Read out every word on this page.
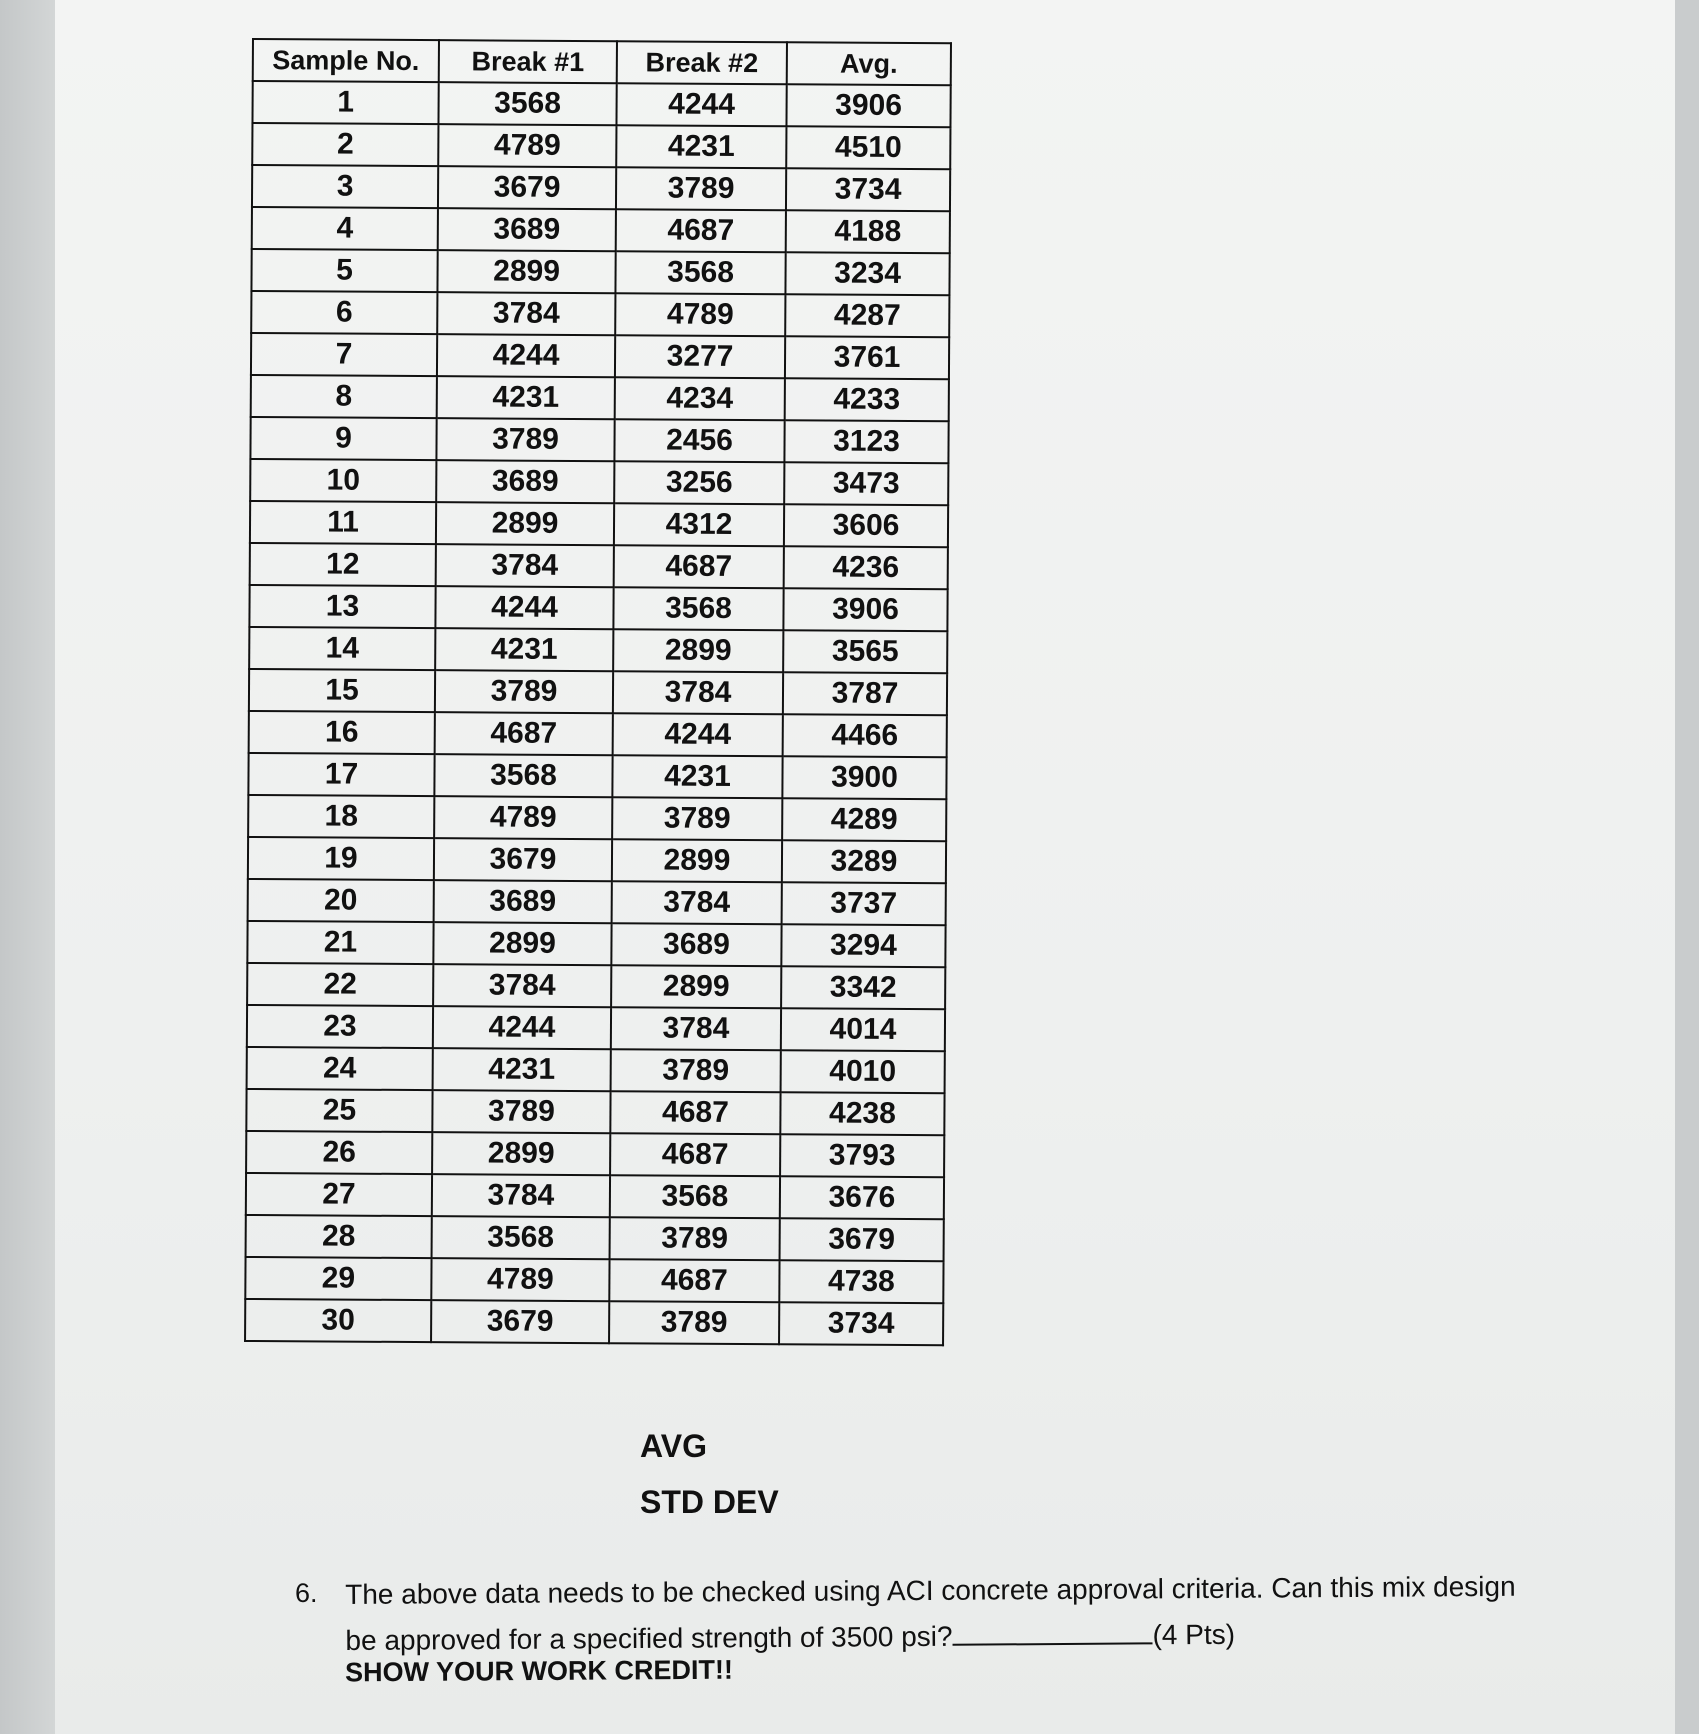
Sample No.	Break #1	Break #2	Avg.
1	3568	4244	3906
2	4789	4231	4510
3	3679	3789	3734
4	3689	4687	4188
5	2899	3568	3234
6	3784	4789	4287
7	4244	3277	3761
8	4231	4234	4233
9	3789	2456	3123
10	3689	3256	3473
11	2899	4312	3606
12	3784	4687	4236
13	4244	3568	3906
14	4231	2899	3565
15	3789	3784	3787
16	4687	4244	4466
17	3568	4231	3900
18	4789	3789	4289
19	3679	2899	3289
20	3689	3784	3737
21	2899	3689	3294
22	3784	2899	3342
23	4244	3784	4014
24	4231	3789	4010
25	3789	4687	4238
26	2899	4687	3793
27	3784	3568	3676
28	3568	3789	3679
29	4789	4687	4738
30	3679	3789	3734
AVG
STD DEV
6. The above data needs to be checked using ACI concrete approval criteria. Can this mix design be approved for a specified strength of 3500 psi?	(4 Pts)
SHOW YOUR WORK CREDIT!!
